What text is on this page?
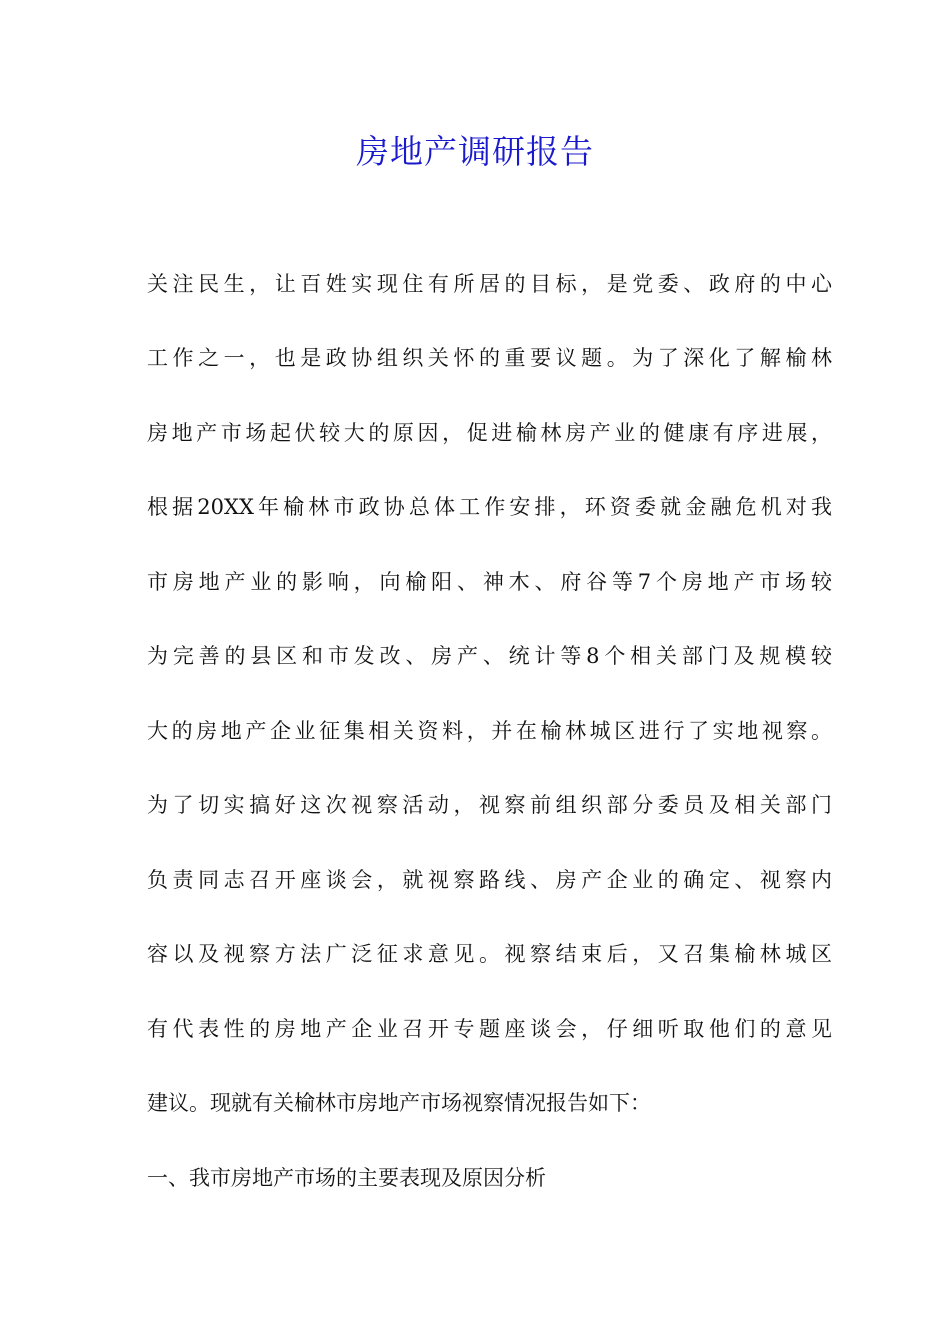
房地产调研报告
关注民生，让百姓实现住有所居的目标，是党委、政府的中心
工作之一，也是政协组织关怀的重要议题。为了深化了解榆林
房地产市场起伏较大的原因，促进榆林房产业的健康有序进展，
根据20XX年榆林市政协总体工作安排，环资委就金融危机对我
市房地产业的影响，向榆阳、神木、府谷等7个房地产市场较
为完善的县区和市发改、房产、统计等8个相关部门及规模较
大的房地产企业征集相关资料，并在榆林城区进行了实地视察。
为了切实搞好这次视察活动，视察前组织部分委员及相关部门
负责同志召开座谈会，就视察路线、房产企业的确定、视察内
容以及视察方法广泛征求意见。视察结束后，又召集榆林城区
有代表性的房地产企业召开专题座谈会，仔细听取他们的意见
建议。现就有关榆林市房地产市场视察情况报告如下：
一、我市房地产市场的主要表现及原因分析
